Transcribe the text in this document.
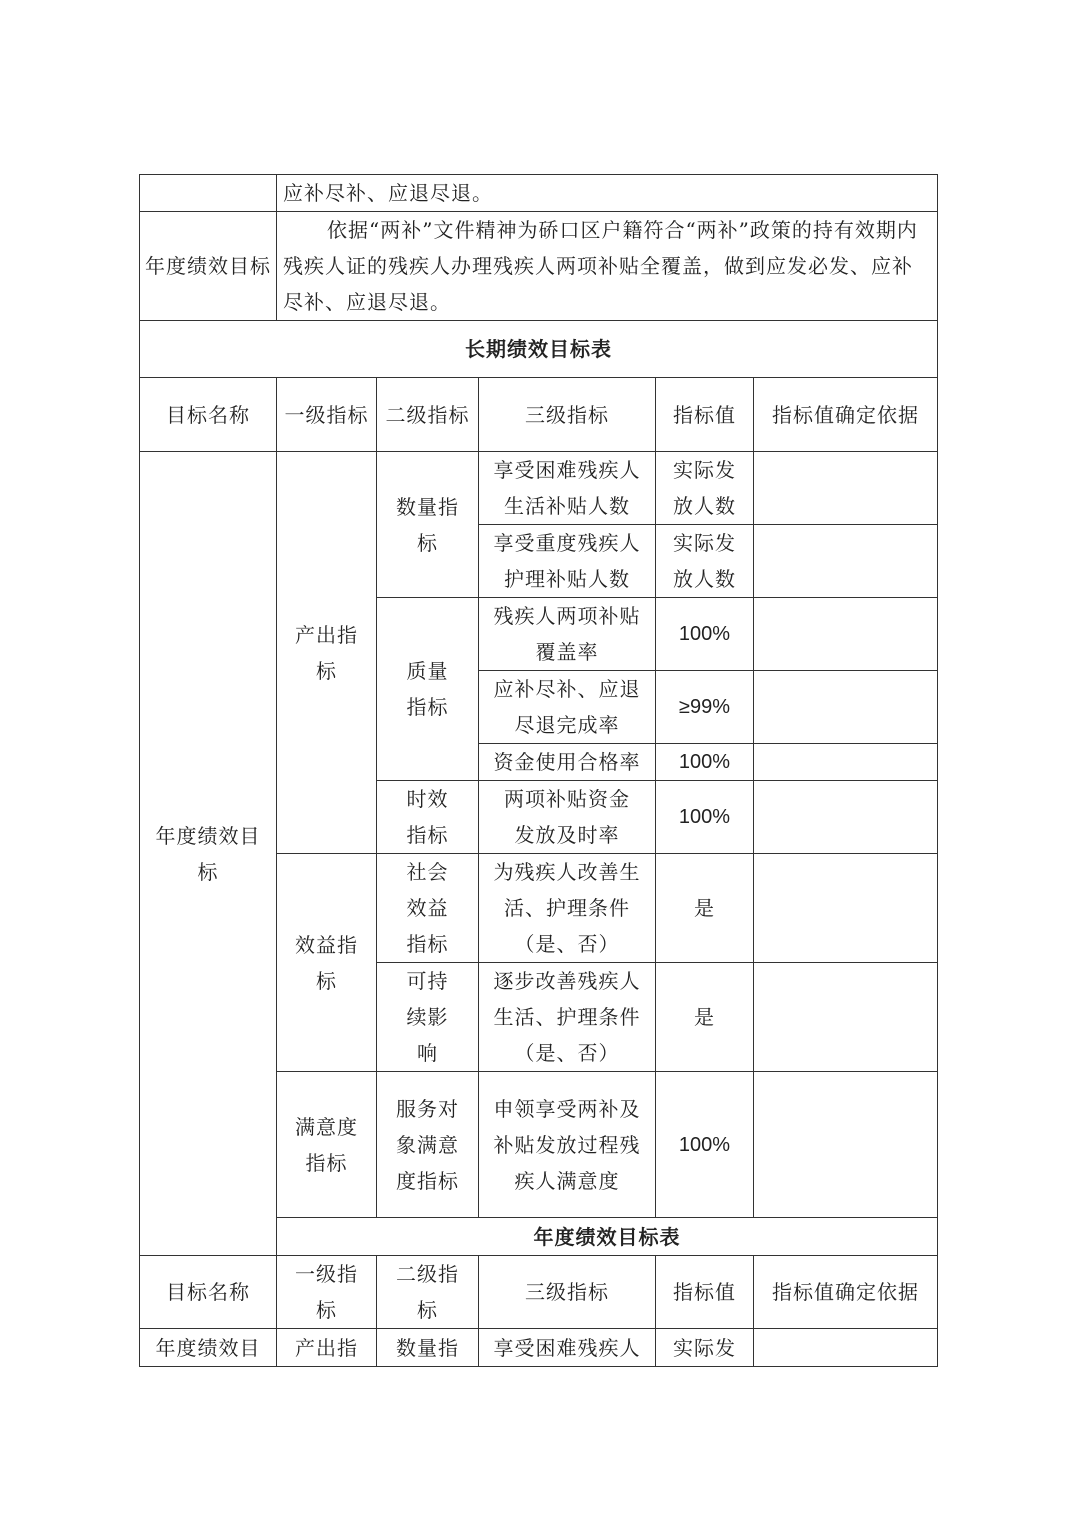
	应补尽补、应退尽退。				
年度绩效目标	依据“两补”文件精神为硚口区户籍符合“两补”政策的持有效期内残疾人证的残疾人办理残疾人两项补贴全覆盖，做到应发必发、应补尽补、应退尽退。				
长期绩效目标表					
目标名称	一级指标	二级指标	三级指标	指标值	指标值确定依据
年度绩效目标	产出指标	数量指标	享受困难残疾人生活补贴人数	实际发放人数	
			享受重度残疾人护理补贴人数	实际发放人数	
		质量指标	残疾人两项补贴覆盖率	100%	
			应补尽补、应退尽退完成率	≥99%	
			资金使用合格率	100%	
		时效指标	两项补贴资金发放及时率	100%	
	效益指标	社会效益指标	为残疾人改善生活、护理条件（是、否）	是	
		可持续影响	逐步改善残疾人生活、护理条件（是、否）	是	
	满意度指标	服务对象满意度指标	申领享受两补及补贴发放过程残疾人满意度	100%	
	年度绩效目标表				
目标名称	一级指标	二级指标	三级指标	指标值	指标值确定依据
年度绩效目	产出指	数量指	享受困难残疾人	实际发	
